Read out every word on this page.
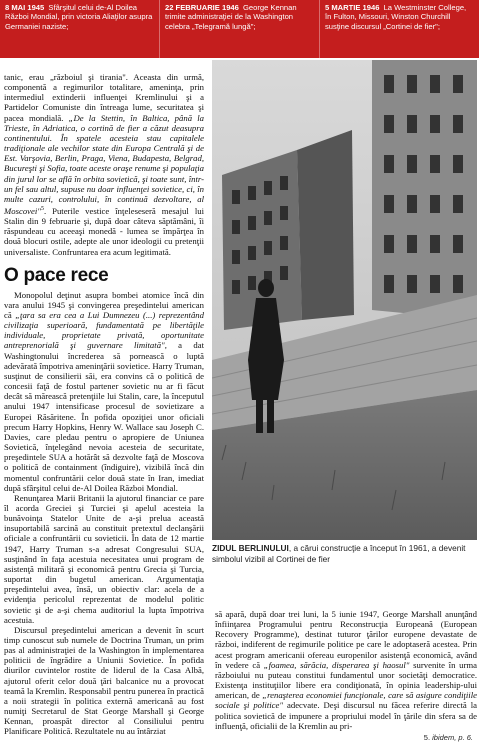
8 MAI 1945 Sfârşitul celui de-Al Doilea Război Mondial, prin victoria Aliaţilor asupra Germaniei naziste;
22 FEBRUARIE 1946 George Kennan trimite administraţiei de la Washington celebra „Telegramă lungă";
5 MARTIE 1946 La Westminster College, în Fulton, Missouri, Winston Churchill susţine discursul „Cortinei de fier";

tanic, erau „războiul şi tirania". Aceasta din urmă, componentă a regimurilor totalitare, ameninţa, prin intermediul extinderii influenţei Kremlinului şi a Partidelor Comuniste din întreaga lume, securitatea şi pacea mondială. „De la Stettin, în Baltica, până la Trieste, în Adriatica, o cortină de fier a căzut deasupra continentului. În spatele acesteia stau capitalele tradiţionale ale vechilor state din Europa Centrală şi de Est. Varşovia, Berlin, Praga, Viena, Budapesta, Belgrad, Bucureşti şi Sofia, toate aceste oraşe renume şi populaţia din jurul lor se află în orbita sovietică, şi toate sunt, într-un fel sau altul, supuse nu doar influenţei sovietice, ci, în multe cazuri, controlului, în continuă dezvoltare, al Moscovei"$^5$. Puterile vestice înţeleseseră mesajul lui Stalin din 9 februarie şi, după doar câteva săptămâni, îi răspundeau cu aceeaşi monedă - lumea se împărţea în două blocuri ostile, adepte ale unor ideologii cu pretenţii universaliste. Confruntarea era acum legitimată.

O pace rece

Monopolul deţinut asupra bombei atomice încă din vara anului 1945 şi convingerea preşedintelui american că „ţara sa era cea a Lui Dumnezeu (...) reprezentând civilizaţia superioară, fundamentată pe libertăţile individuale, proprietate privată, oportunitate antreprenorială şi guvernare limitată", a dat Washingtonului încrederea să pornească o luptă adevărată împotriva ameninţării sovietice. Harry Truman, susţinut de consilierii săi, era convins că o politică de concesii faţă de fostul partener sovietic nu ar fi făcut decât să mărească pretenţiile lui Stalin, care, la începutul anului 1947 intensificase procesul de sovietizare a Europei Răsăritene. În pofida opoziţiei unor oficiali precum Harry Hopkins, Henry W. Wallace sau Joseph C. Davies, care pledau pentru o apropiere de Uniunea Sovietică, înţelegând nevoia acesteia de securitate, preşedintele SUA a hotărât să dezvolte faţă de Moscova o politică de containment (îndiguire), vizibilă încă din momentul confruntării celor două state în Iran, imediat după sfârşitul celui de-Al Doilea Război Mondial.

Renunţarea Marii Britanii la ajutorul financiar ce pare îl acorda Greciei şi Turciei şi apelul acesteia la bunăvoinţa Statelor Unite de a-şi prelua această insuportabilă sarcină au constituit pretextul declanşării oficiale a confruntării cu sovieticii. În data de 12 martie 1947, Harry Truman s-a adresat Congresului SUA, susţinând în faţa acestuia necesitatea unui program de asistenţă militară şi economică pentru Grecia şi Turcia, suportat din bugetul american. Argumentaţia preşedintelui avea, însă, un obiectiv clar: acela de a evidenţia pericolul reprezentat de modelul politic sovietic şi de a-şi chema auditoriul la lupta împotriva acestuia.

Discursul preşedintelui american a devenit în scurt timp cunoscut sub numele de Doctrina Truman, un prim pas al administraţiei de la Washington în implementarea politicii de îngrădire a Uniunii Sovietice. În pofida diurilor cuvintelor rostite de liderul de la Casa Albă, ajutorul oferit celor două ţări balcanice nu a provocat teamă la Kremlin. Responsabil pentru punerea în practică a noii strategii în politica externă americană au fost numiţi Secretarul de Stat George Marshall şi George Kennan, proaspăt director al Consiliului pentru Planificare Politică. Rezultatele nu au întârziat

ZIDUL BERLINULUI, a cărui construcţie a început în 1961, a devenit simbolul vizibil al Cortinei de fier

să apară, după doar trei luni, la 5 iunie 1947, George Marshall anunţând înfiinţarea Programului pentru Reconstrucţia Europeană (European Recovery Programme), destinat tuturor ţărilor europene devastate de război, indiferent de regimurile politice pe care le adoptaseră acestea. Prin acest program americanii ofereau europenilor asistenţă economică, având în vedere că „foamea, sărăcia, disperarea şi haosul" survenite în urma războiului nu puteau constitui fundamentul unor societăţi democratice. Existenţa instituţiilor libere era condiţionată, în opinia leadership-ului american, de „renaşterea economiei funcţionale, care să asigure condiţiile sociale şi politice" adecvate. Deşi discursul nu făcea referire directă la politica sovietică de impunere a propriului model în ţările din sfera sa de influenţă, oficialii de la Kremlin au pri-

5. ibidem, p. 6.
